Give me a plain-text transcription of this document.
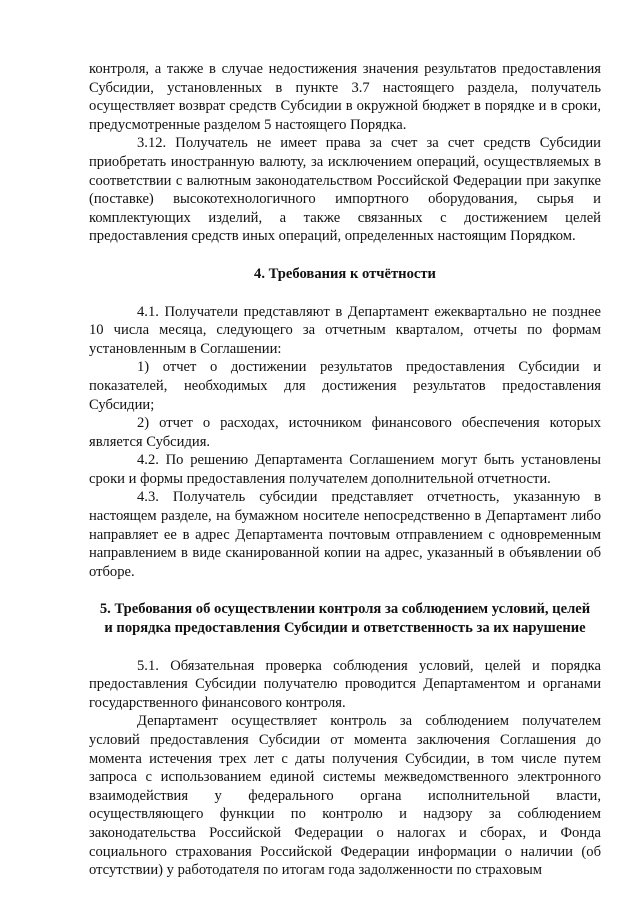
контроля, а также в случае недостижения значения результатов предоставления Субсидии, установленных в пункте 3.7 настоящего раздела, получатель осуществляет возврат средств Субсидии в окружной бюджет в порядке и в сроки, предусмотренные разделом 5 настоящего Порядка.

3.12. Получатель не имеет права за счет за счет средств Субсидии приобретать иностранную валюту, за исключением операций, осуществляемых в соответствии с валютным законодательством Российской Федерации при закупке (поставке) высокотехнологичного импортного оборудования, сырья и комплектующих изделий, а также связанных с достижением целей предоставления средств иных операций, определенных настоящим Порядком.

4. Требования к отчётности

4.1. Получатели представляют в Департамент ежеквартально не позднее 10 числа месяца, следующего за отчетным кварталом, отчеты по формам установленным в Соглашении:

1) отчет о достижении результатов предоставления Субсидии и показателей, необходимых для достижения результатов предоставления Субсидии;

2) отчет о расходах, источником финансового обеспечения которых является Субсидия.

4.2. По решению Департамента Соглашением могут быть установлены сроки и формы предоставления получателем дополнительной отчетности.

4.3. Получатель субсидии представляет отчетность, указанную в настоящем разделе, на бумажном носителе непосредственно в Департамент либо направляет ее в адрес Департамента почтовым отправлением с одновременным направлением в виде сканированной копии на адрес, указанный в объявлении об отборе.

5. Требования об осуществлении контроля за соблюдением условий, целей
и порядка предоставления Субсидии и ответственность за их нарушение

5.1. Обязательная проверка соблюдения условий, целей и порядка предоставления Субсидии получателю проводится Департаментом и органами государственного финансового контроля.

Департамент осуществляет контроль за соблюдением получателем условий предоставления Субсидии от момента заключения Соглашения до момента истечения трех лет с даты получения Субсидии, в том числе путем запроса с использованием единой системы межведомственного электронного взаимодействия у федерального органа исполнительной власти, осуществляющего функции по контролю и надзору за соблюдением законодательства Российской Федерации о налогах и сборах, и Фонда социального страхования Российской Федерации информации о наличии (об отсутствии) у работодателя по итогам года задолженности по страховым
